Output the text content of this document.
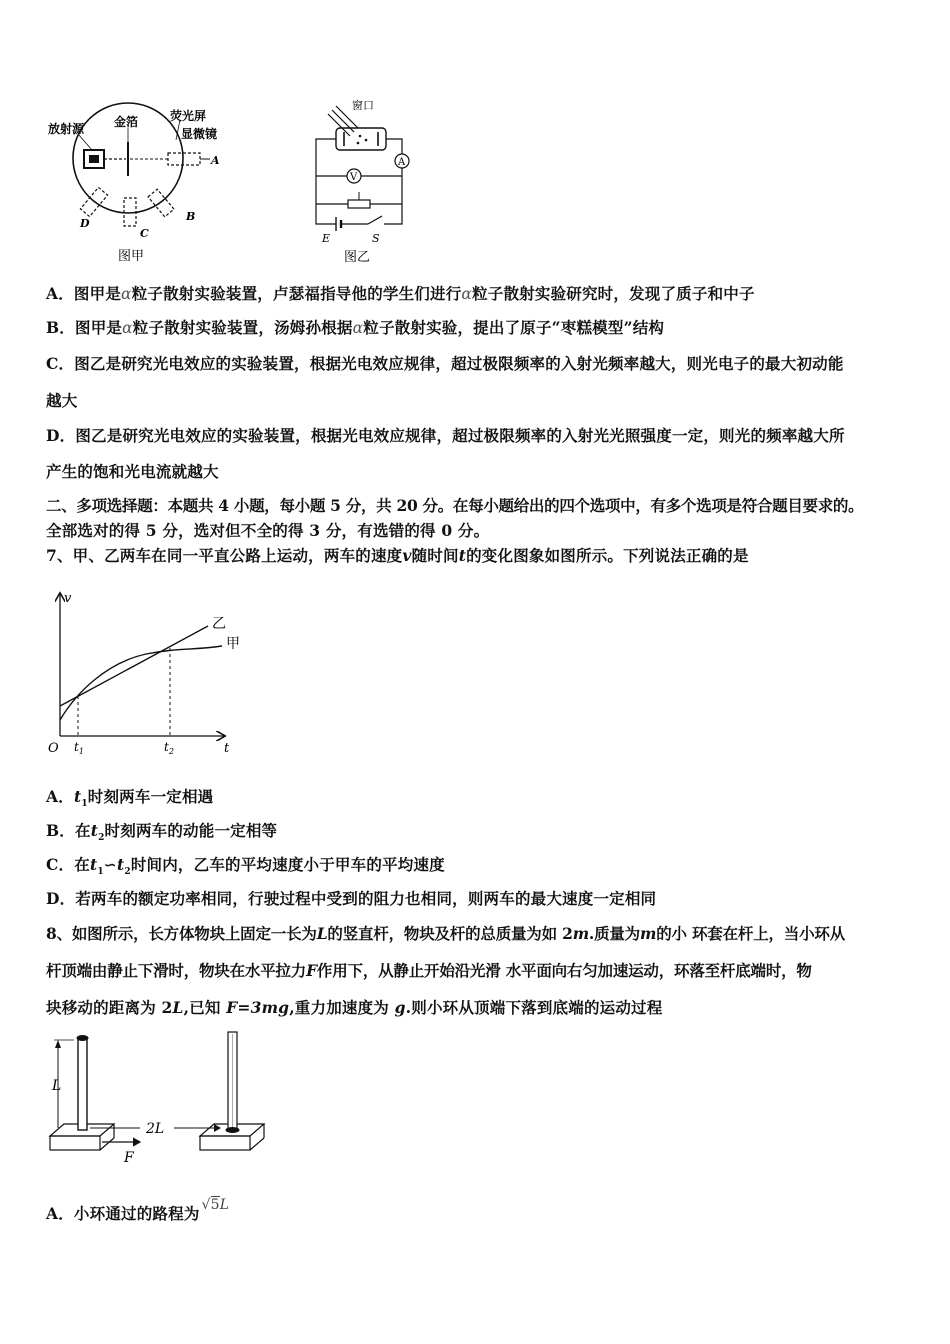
放射源 金箔	荧光屏
显微镜
A
B
C
D
图甲
窗口
A
V
E	S
图乙
A．图甲是α粒子散射实验装置，卢瑟福指导他的学生们进行α粒子散射实验研究时，发现了质子和中子
B．图甲是α粒子散射实验装置，汤姆孙根据α粒子散射实验，提出了原子“枣糕模型”结构
C．图乙是研究光电效应的实验装置，根据光电效应规律，超过极限频率的入射光频率越大，则光电子的最大初动能
越大
D．图乙是研究光电效应的实验装置，根据光电效应规律，超过极限频率的入射光光照强度一定，则光的频率越大所
产生的饱和光电流就越大
二、多项选择题：本题共 4 小题，每小题 5 分，共 20 分。在每小题给出的四个选项中，有多个选项是符合题目要求的。
全部选对的得 5 分，选对但不全的得 3 分，有选错的得 0 分。
7、甲、乙两车在同一平直公路上运动，两车的速度v随时间t的变化图象如图所示。下列说法正确的是
v
t
O $t_1$	$t_2$
乙
甲
A．$t_1$时刻两车一定相遇
B．在$t_2$时刻两车的动能一定相等
C．在$t_1∽t_2$时间内，乙车的平均速度小于甲车的平均速度
D．若两车的额定功率相同，行驶过程中受到的阻力也相同，则两车的最大速度一定相同
8、如图所示，长方体物块上固定一长为L的竖直杆，物块及杆的总质量为如 2m.质量为m的小 环套在杆上，当小环从
杆顶端由静止下滑时，物块在水平拉力F作用下，从静止开始沿光滑 水平面向右匀加速运动，环落至杆底端时，物
块移动的距离为 2L,已知 F=3mg,重力加速度为 g.则小环从顶端下落到底端的运动过程
L
2L
F
A．小环通过的路程为 √5L
